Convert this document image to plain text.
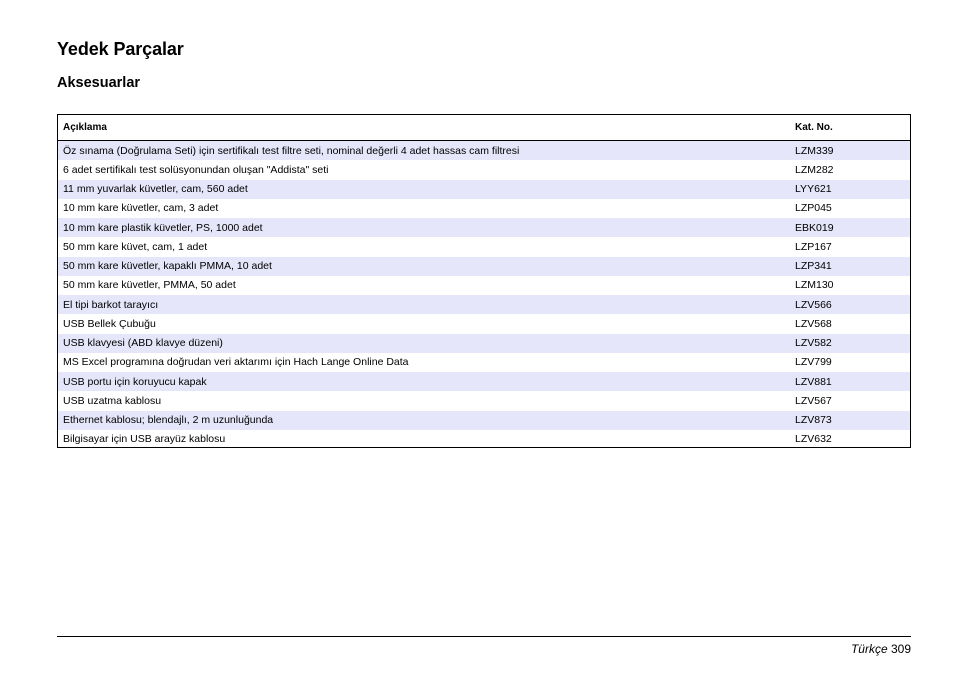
Yedek Parçalar
Aksesuarlar
Açıklama	Kat. No.
Öz sınama (Doğrulama Seti) için sertifikalı test filtre seti, nominal değerli 4 adet hassas cam filtresi	LZM339
6 adet sertifikalı test solüsyonundan oluşan "Addista" seti	LZM282
11 mm yuvarlak küvetler, cam, 560 adet	LYY621
10 mm kare küvetler, cam, 3 adet	LZP045
10 mm kare plastik küvetler, PS, 1000 adet	EBK019
50 mm kare küvet, cam, 1 adet	LZP167
50 mm kare küvetler, kapaklı PMMA, 10 adet	LZP341
50 mm kare küvetler, PMMA, 50 adet	LZM130
El tipi barkot tarayıcı	LZV566
USB Bellek Çubuğu	LZV568
USB klavyesi (ABD klavye düzeni)	LZV582
MS Excel programına doğrudan veri aktarımı için Hach Lange Online Data	LZV799
USB portu için koruyucu kapak	LZV881
USB uzatma kablosu	LZV567
Ethernet kablosu; blendajlı, 2 m uzunluğunda	LZV873
Bilgisayar için USB arayüz kablosu	LZV632
Türkçe 309
